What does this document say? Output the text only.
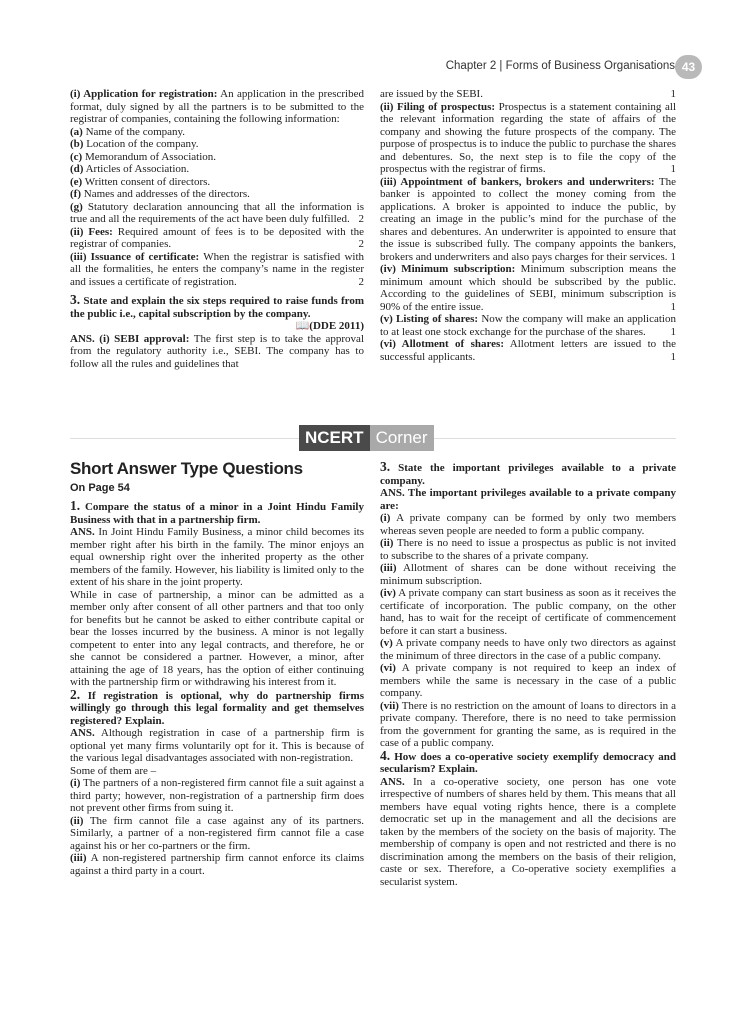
Chapter 2 | Forms of Business Organisations 43

(i) Application for registration: An application in the prescribed format, duly signed by all the partners is to be submitted to the registrar of companies, containing the following information:

(a) Name of the company.

(b) Location of the company.

(c) Memorandum of Association.

(d) Articles of Association.

(e) Written consent of directors.

(f) Names and addresses of the directors.

(g) Statutory declaration announcing that all the information is true and all the requirements of the act have been duly fulfilled. 2

(ii) Fees: Required amount of fees is to be deposited with the registrar of companies.	2

(iii) Issuance of certificate: When the registrar is satisfied with all the formalities, he enters the company’s name in the register and issues a certificate of registration.	2

3. State and explain the six steps required to raise funds from the public i.e., capital subscription by the company.

📖(DDE 2011)

ANS. (i) SEBI approval: The first step is to take the approval from the regulatory authority i.e., SEBI. The company has to follow all the rules and guidelines that

are issued by the SEBI.	1

(ii) Filing of prospectus: Prospectus is a statement containing all the relevant information regarding the state of affairs of the company and showing the future prospects of the company. The purpose of prospectus is to induce the public to purchase the shares and debentures. So, the next step is to file the copy of the prospectus with the registrar of firms.	1

(iii) Appointment of bankers, brokers and underwriters: The banker is appointed to collect the money coming from the applications. A broker is appointed to induce the public, by creating an image in the public’s mind for the purchase of the shares and debentures. An underwriter is appointed to ensure that the issue is subscribed fully. The company appoints the bankers, brokers and underwriters and also pays charges for their services. 1

(iv) Minimum subscription: Minimum subscription means the minimum amount which should be subscribed by the public. According to the guidelines of SEBI, minimum subscription is 90% of the entire issue.	1

(v) Listing of shares: Now the company will make an application to at least one stock exchange for the purchase of the shares. 1

(vi) Allotment of shares: Allotment letters are issued to the successful applicants.	1

NCERT Corner
Short Answer Type Questions
On Page 54

1. Compare the status of a minor in a Joint Hindu Family Business with that in a partnership firm.

ANS. In Joint Hindu Family Business, a minor child becomes its member right after his birth in the family. The minor enjoys an equal ownership right over the inherited property as the other members of the family. However, his liability is limited only to the extent of his share in the joint property.

While in case of partnership, a minor can be admitted as a member only after consent of all other partners and that too only for benefits but he cannot be asked to either contribute capital or bear the losses incurred by the business. A minor is not legally competent to enter into any legal contracts, and therefore, he or she cannot be considered a partner. However, a minor, after attaining the age of 18 years, has the option of either continuing with the partnership firm or withdrawing his interest from it.

2. If registration is optional, why do partnership firms willingly go through this legal formality and get themselves registered? Explain.

ANS. Although registration in case of a partnership firm is optional yet many firms voluntarily opt for it. This is because of the various legal disadvantages associated with non-registration.

Some of them are –

(i) The partners of a non-registered firm cannot file a suit against a third party; however, non-registration of a partnership firm does not prevent other firms from suing it.

(ii) The firm cannot file a case against any of its partners. Similarly, a partner of a non-registered firm cannot file a case against his or her co-partners or the firm.

(iii) A non-registered partnership firm cannot enforce its claims against a third party in a court.

3. State the important privileges available to a private company.

ANS. The important privileges available to a private company are:

(i) A private company can be formed by only two members whereas seven people are needed to form a public company.

(ii) There is no need to issue a prospectus as public is not invited to subscribe to the shares of a private company.

(iii) Allotment of shares can be done without receiving the minimum subscription.

(iv) A private company can start business as soon as it receives the certificate of incorporation. The public company, on the other hand, has to wait for the receipt of certificate of commencement before it can start a business.

(v) A private company needs to have only two directors as against the minimum of three directors in the case of a public company.

(vi) A private company is not required to keep an index of members while the same is necessary in the case of a public company.

(vii) There is no restriction on the amount of loans to directors in a private company. Therefore, there is no need to take permission from the government for granting the same, as is required in the case of a public company.

4. How does a co-operative society exemplify democracy and secularism? Explain.

ANS. In a co-operative society, one person has one vote irrespective of numbers of shares held by them. This means that all members have equal voting rights hence, there is a complete democratic set up in the management and all the decisions are taken by the members of the society on the basis of majority. The membership of company is open and not restricted and there is no discrimination among the members on the basis of their religion, caste or sex. Therefore, a Co-operative society exemplifies a secularist system.
